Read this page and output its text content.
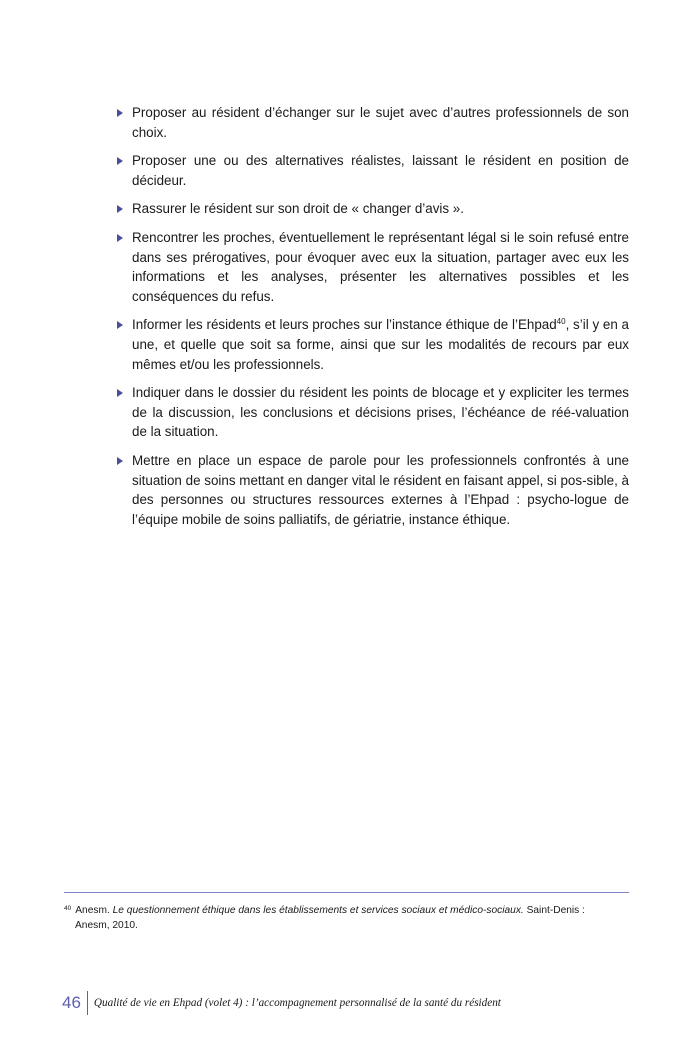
Proposer au résident d’échanger sur le sujet avec d’autres professionnels de son choix.
Proposer une ou des alternatives réalistes, laissant le résident en position de décideur.
Rassurer le résident sur son droit de « changer d’avis ».
Rencontrer les proches, éventuellement le représentant légal si le soin refusé entre dans ses prérogatives, pour évoquer avec eux la situation, partager avec eux les informations et les analyses, présenter les alternatives possibles et les conséquences du refus.
Informer les résidents et leurs proches sur l’instance éthique de l’Ehpad$^{40}$, s’il y en a une, et quelle que soit sa forme, ainsi que sur les modalités de recours par eux mêmes et/ou les professionnels.
Indiquer dans le dossier du résident les points de blocage et y expliciter les termes de la discussion, les conclusions et décisions prises, l’échéance de réé-valuation de la situation.
Mettre en place un espace de parole pour les professionnels confrontés à une situation de soins mettant en danger vital le résident en faisant appel, si pos-sible, à des personnes ou structures ressources externes à l’Ehpad : psycho-logue de l’équipe mobile de soins palliatifs, de gériatrie, instance éthique.
$^{40}$ Anesm. Le questionnement éthique dans les établissements et services sociaux et médico-sociaux. Saint-Denis :
Anesm, 2010.
46	Qualité de vie en Ehpad (volet 4) : l’accompagnement personnalisé de la santé du résident
